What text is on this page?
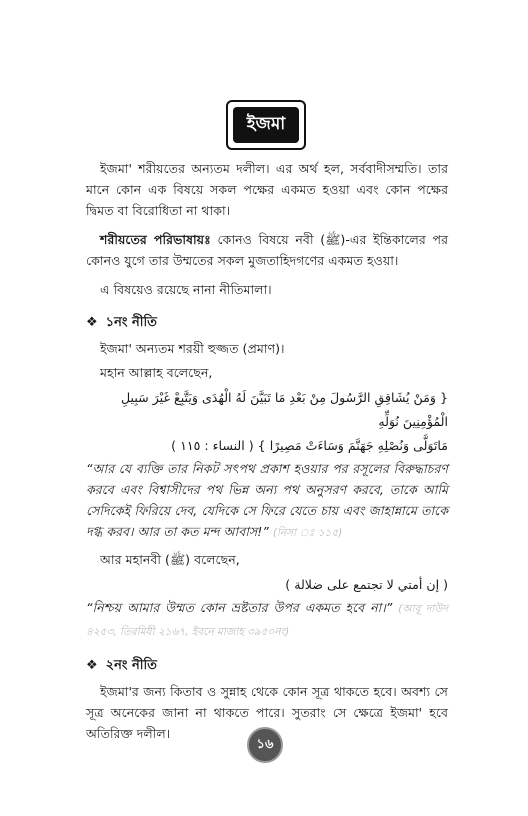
ইজমা

ইজমা' শরীয়তের অন্যতম দলীল। এর অর্থ হল, সর্ববাদীসম্মতি। তার মানে কোন এক বিষয়ে সকল পক্ষের একমত হওয়া এবং কোন পক্ষের দ্বিমত বা বিরোধিতা না থাকা।

শরীয়তের পরিভাষায়ঃ কোনও বিষয়ে নবী (ﷺ)-এর ইন্তিকালের পর কোনও যুগে তার উম্মতের সকল মুজতাহিদগণের একমত হওয়া।

এ বিষয়েও রয়েছে নানা নীতিমালা।

❖ ১নং নীতি

ইজমা' অন্যতম শরয়ী হুজ্জত (প্রমাণ)।

মহান আল্লাহ বলেছেন,

{ وَمَنْ يُشَاقِقِ الرَّسُولَ مِنْ بَعْدِ مَا تَبَيَّنَ لَهُ الْهُدَى وَيَتَّبِعْ غَيْرَ سَبِيلِ الْمُؤْمِنِينَ نُوَلِّهِ
مَاتَوَلَّى وَنُصْلِهِ جَهَنَّمَ وَسَاءَتْ مَصِيرًا } ( النساء : ١١٥ )

“আর যে ব্যক্তি তার নিকট সৎপথ প্রকাশ হওয়ার পর রসূলের বিরুদ্ধাচরণ করবে এবং বিশ্বাসীদের পথ ভিন্ন অন্য পথ অনুসরণ করবে, তাকে আমি সেদিকেই ফিরিয়ে দেব, যেদিকে সে ফিরে যেতে চায় এবং জাহান্নামে তাকে দগ্ধ করব। আর তা কত মন্দ আবাস!” (নিসা ঃ ১১৫)

আর মহানবী (ﷺ) বলেছেন,

( إن أمتي لا تجتمع على ضلالة )

“নিশ্চয় আমার উম্মত কোন ভ্রষ্টতার উপর একমত হবে না।” (আবূ দাউদ ৪২৫৩, তিরমিযী ২১৬৭, ইবনে মাজাহ ৩৯৫০নং)

❖ ২নং নীতি

ইজমা'র জন্য কিতাব ও সুন্নাহ থেকে কোন সূত্র থাকতে হবে। অবশ্য সে সূত্র অনেকের জানা না থাকতে পারে। সুতরাং সে ক্ষেত্রে ইজমা' হবে অতিরিক্ত দলীল।

১৬
